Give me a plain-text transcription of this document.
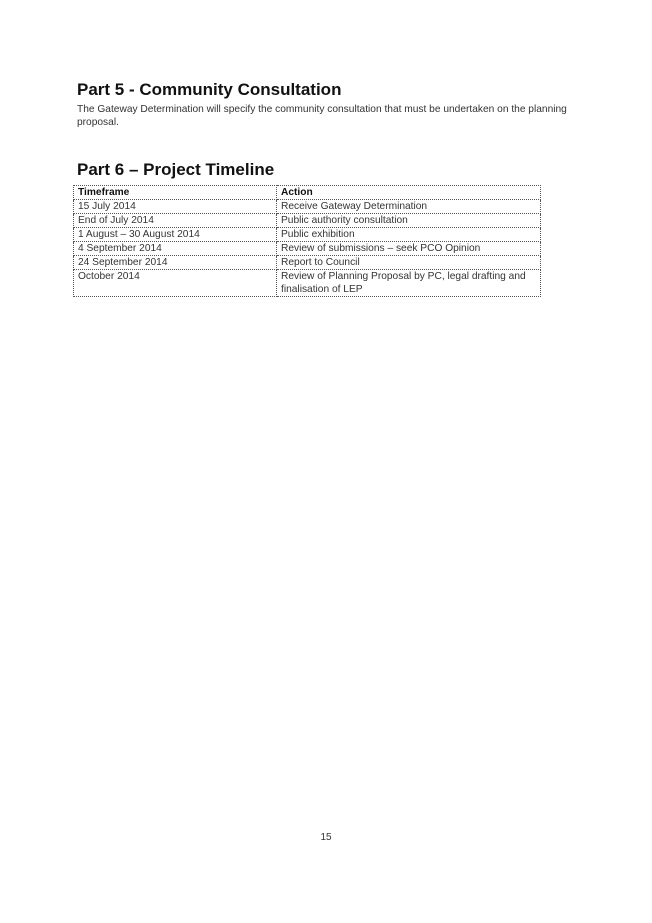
Part 5 - Community Consultation

The Gateway Determination will specify the community consultation that must be undertaken on the planning proposal.

Part 6 – Project Timeline
Timeframe	Action
15 July 2014	Receive Gateway Determination
End of July 2014	Public authority consultation
1 August – 30 August 2014	Public exhibition
4 September 2014	Review of submissions – seek PCO Opinion
24 September 2014	Report to Council
October 2014	Review of Planning Proposal by PC, legal drafting and finalisation of LEP
15
